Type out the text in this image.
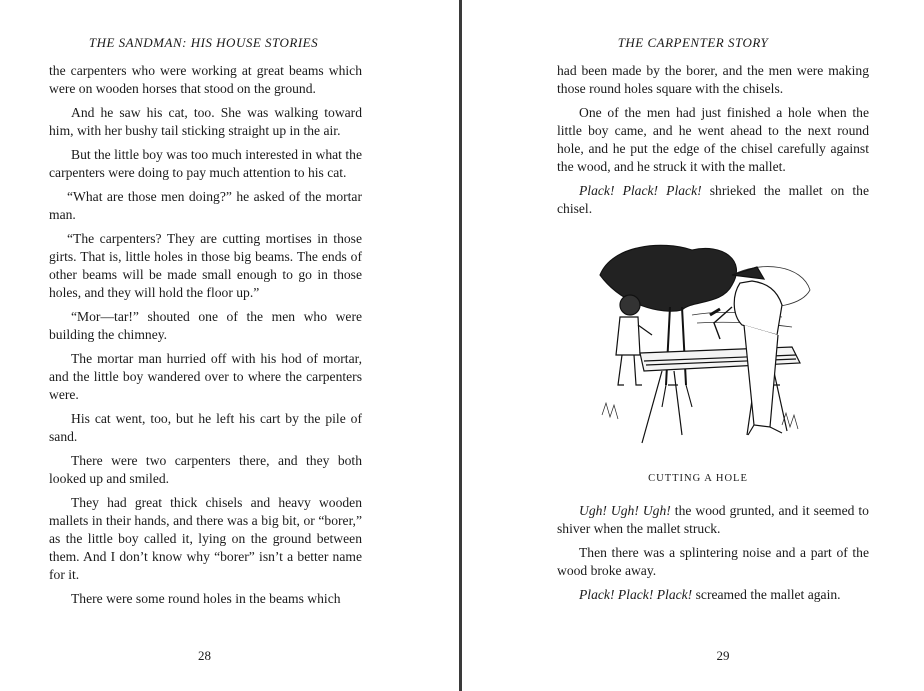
THE SANDMAN: HIS HOUSE STORIES

the carpenters who were working at great beams which were on wooden horses that stood on the ground.

And he saw his cat, too. She was walking toward him, with her bushy tail sticking straight up in the air.

But the little boy was too much interested in what the carpenters were doing to pay much attention to his cat.

“What are those men doing?” he asked of the mortar man.

“The carpenters? They are cutting mortises in those girts. That is, little holes in those big beams. The ends of other beams will be made small enough to go in those holes, and they will hold the floor up.”

“Mor—tar!” shouted one of the men who were building the chimney.

The mortar man hurried off with his hod of mortar, and the little boy wandered over to where the carpenters were.

His cat went, too, but he left his cart by the pile of sand.

There were two carpenters there, and they both looked up and smiled.

They had great thick chisels and heavy wooden mallets in their hands, and there was a big bit, or “borer,” as the little boy called it, lying on the ground between them. And I don’t know why “borer” isn’t a better name for it.

There were some round holes in the beams which

28
THE CARPENTER STORY

had been made by the borer, and the men were making those round holes square with the chisels.

One of the men had just finished a hole when the little boy came, and he went ahead to the next round hole, and he put the edge of the chisel carefully against the wood, and he struck it with the mallet.

Plack! Plack! Plack! shrieked the mallet on the chisel.

CUTTING A HOLE

Ugh! Ugh! Ugh! the wood grunted, and it seemed to shiver when the mallet struck.

Then there was a splintering noise and a part of the wood broke away.

Plack! Plack! Plack! screamed the mallet again.

29
